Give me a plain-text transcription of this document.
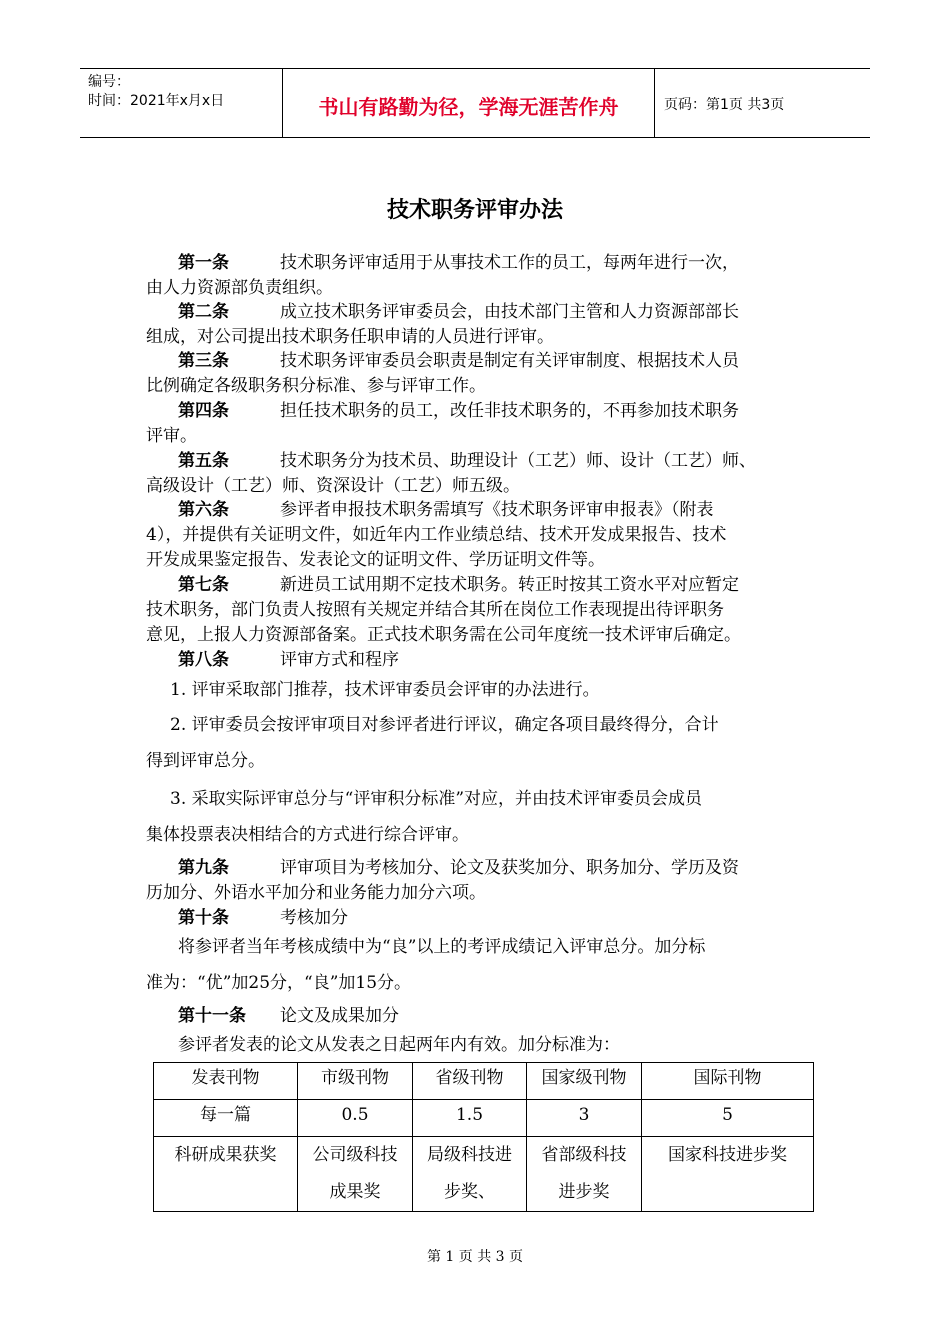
编号：
时间：2021年x月x日	书山有路勤为径，学海无涯苦作舟	页码：第1页 共3页
技术职务评审办法
第一条	技术职务评审适用于从事技术工作的员工，每两年进行一次，
由人力资源部负责组织。
第二条	成立技术职务评审委员会，由技术部门主管和人力资源部部长
组成，对公司提出技术职务任职申请的人员进行评审。
第三条	技术职务评审委员会职责是制定有关评审制度、根据技术人员
比例确定各级职务积分标准、参与评审工作。
第四条	担任技术职务的员工，改任非技术职务的，不再参加技术职务
评审。
第五条	技术职务分为技术员、助理设计（工艺）师、设计（工艺）师、
高级设计（工艺）师、资深设计（工艺）师五级。
第六条	参评者申报技术职务需填写《技术职务评审申报表》（附表
4），并提供有关证明文件，如近年内工作业绩总结、技术开发成果报告、技术
开发成果鉴定报告、发表论文的证明文件、学历证明文件等。
第七条	新进员工试用期不定技术职务。转正时按其工资水平对应暂定
技术职务，部门负责人按照有关规定并结合其所在岗位工作表现提出待评职务
意见，上报人力资源部备案。正式技术职务需在公司年度统一技术评审后确定。
第八条	评审方式和程序
1. 评审采取部门推荐，技术评审委员会评审的办法进行。
2. 评审委员会按评审项目对参评者进行评议，确定各项目最终得分，合计
得到评审总分。
3. 采取实际评审总分与“评审积分标准”对应，并由技术评审委员会成员
集体投票表决相结合的方式进行综合评审。
第九条	评审项目为考核加分、论文及获奖加分、职务加分、学历及资
历加分、外语水平加分和业务能力加分六项。
第十条	考核加分
将参评者当年考核成绩中为“良”以上的考评成绩记入评审总分。加分标
准为：“优”加25分，“良”加15分。
第十一条	论文及成果加分
参评者发表的论文从发表之日起两年内有效。加分标准为：
发表刊物	市级刊物	省级刊物	国家级刊物	国际刊物
每一篇	0.5	1.5	3	5
科研成果获奖	公司级科技成果奖	局级科技进步奖、	省部级科技进步奖	国家科技进步奖
第 1 页 共 3 页
